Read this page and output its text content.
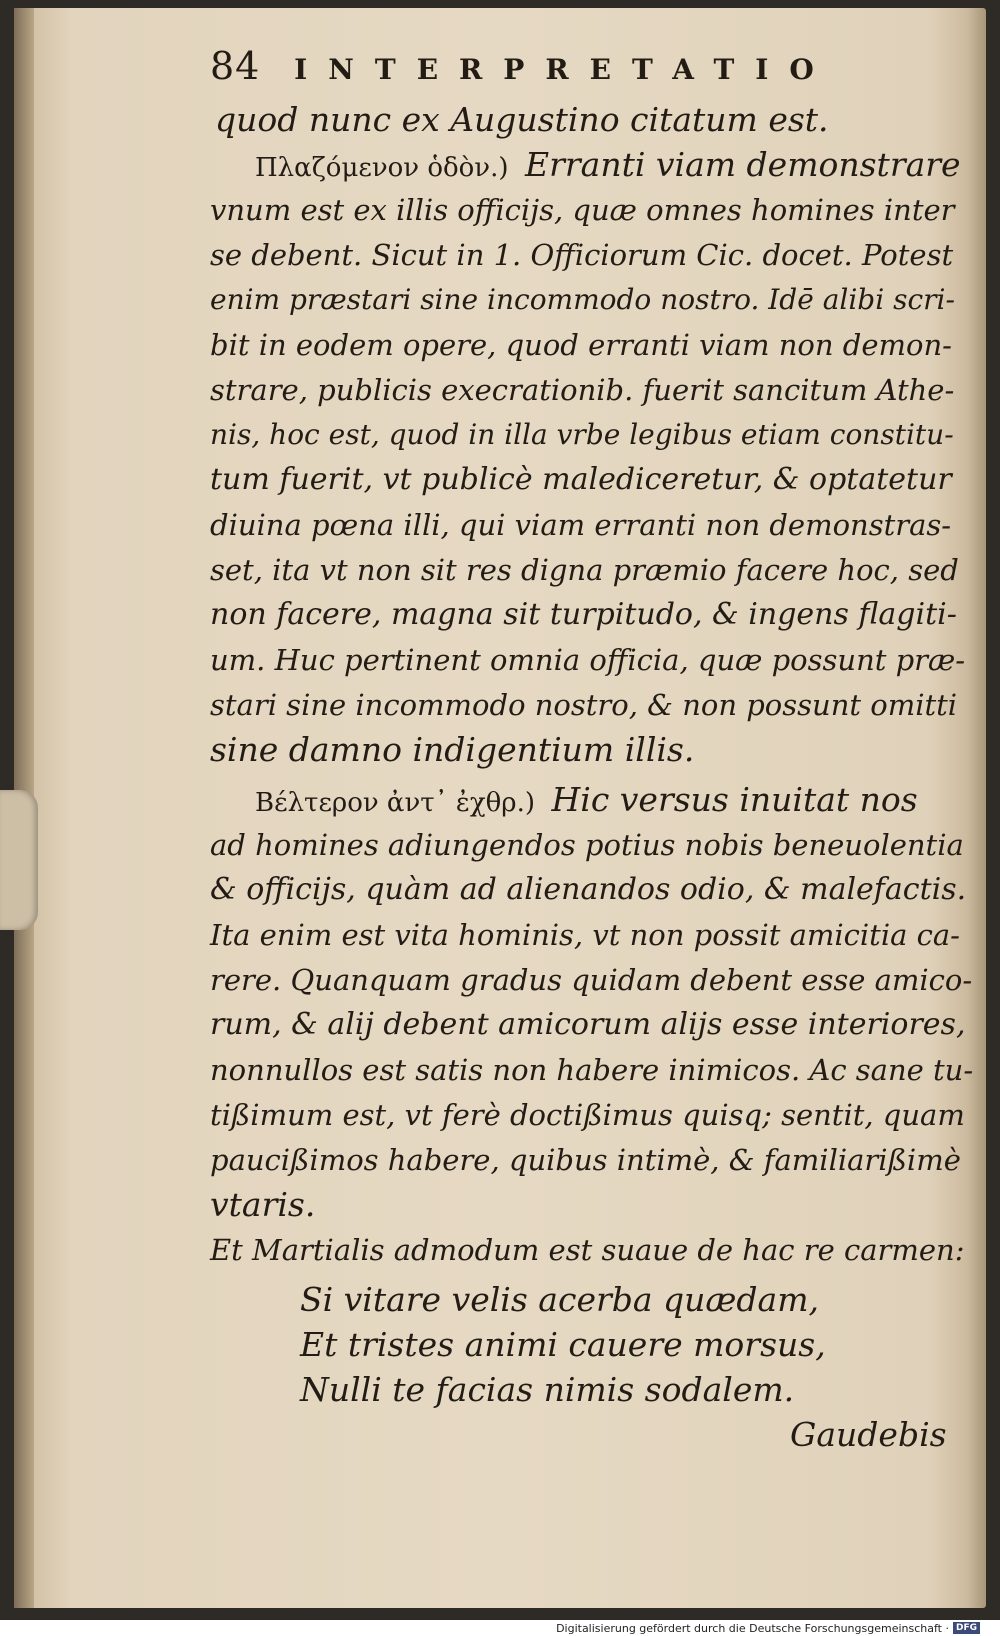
84 INTERPRETATIO
quod nunc ex Augustino citatum est.
Πλαζόμενον ὁδὸν.) Erranti viam demonstrare
vnum est ex illis officijs, quæ omnes homines inter
se debent. Sicut in 1. Officiorum Cic. docet. Potest
enim præstari sine incommodo nostro. Idē alibi scri-
bit in eodem opere, quod erranti viam non demon-
strare, publicis execrationib. fuerit sancitum Athe-
nis, hoc est, quod in illa vrbe legibus etiam constitu-
tum fuerit, vt publicè malediceretur, & optatetur
diuina pœna illi, qui viam erranti non demonstras-
set, ita vt non sit res digna præmio facere hoc, sed
non facere, magna sit turpitudo, & ingens flagiti-
um. Huc pertinent omnia officia, quæ possunt præ-
stari sine incommodo nostro, & non possunt omitti
sine damno indigentium illis.
Βέλτερον ἀντ᾽ ἐχθρ.) Hic versus inuitat nos
ad homines adiungendos potius nobis beneuolentia
& officijs, quàm ad alienandos odio, & malefactis.
Ita enim est vita hominis, vt non possit amicitia ca-
rere. Quanquam gradus quidam debent esse amico-
rum, & alij debent amicorum alijs esse interiores,
nonnullos est satis non habere inimicos. Ac sane tu-
tißimum est, vt ferè doctißimus quisq; sentit, quam
paucißimos habere, quibus intimè, & familiarißimè
vtaris.
Et Martialis admodum est suaue de hac re carmen:
Si vitare velis acerba quædam,
Et tristes animi cauere morsus,
Nulli te facias nimis sodalem.
Gaudebis
Digitalisierung gefördert durch die Deutsche Forschungsgemeinschaft · DFG
